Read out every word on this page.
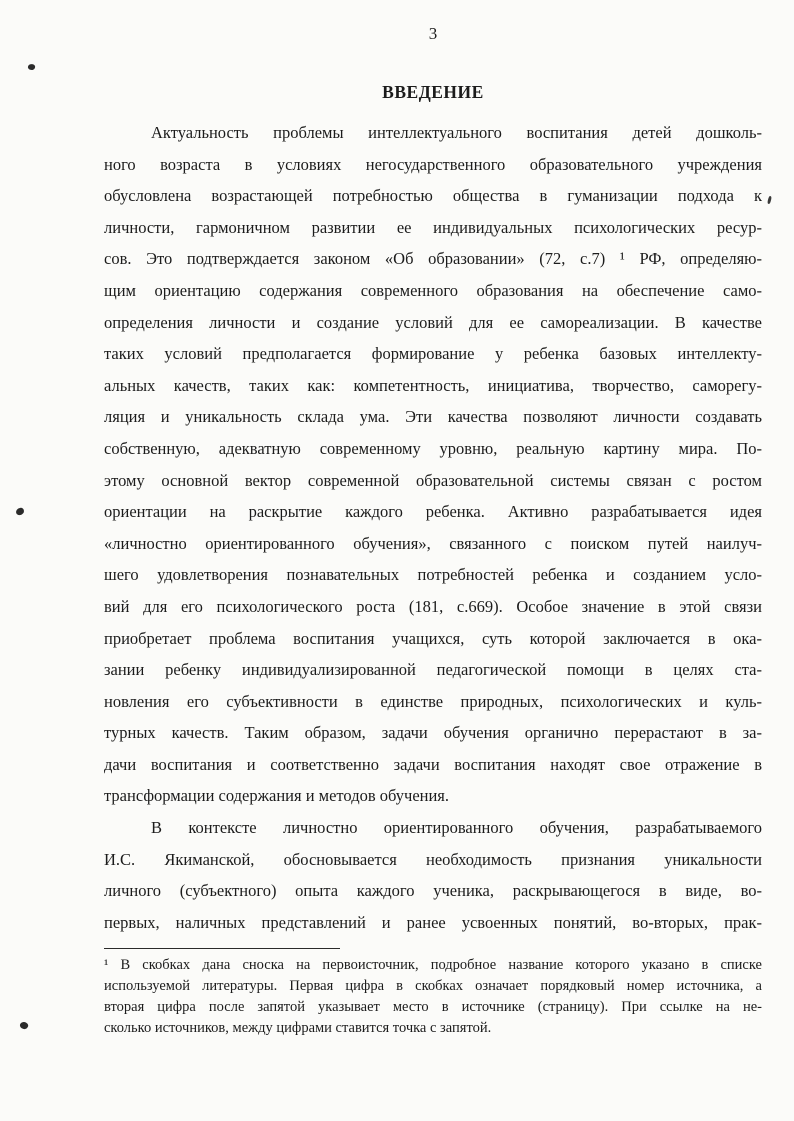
3
ВВЕДЕНИЕ
Актуальность проблемы интеллектуального воспитания детей дошколь-
ного возраста в условиях негосударственного образовательного учреждения
обусловлена возрастающей потребностью общества в гуманизации подхода к
личности, гармоничном развитии ее индивидуальных психологических ресур-
сов. Это подтверждается законом «Об образовании» (72, с.7) ¹ РФ, определяю-
щим ориентацию содержания современного образования на обеспечение само-
определения личности и создание условий для ее самореализации. В качестве
таких условий предполагается формирование у ребенка базовых интеллекту-
альных качеств, таких как: компетентность, инициатива, творчество, саморегу-
ляция и уникальность склада ума. Эти качества позволяют личности создавать
собственную, адекватную современному уровню, реальную картину мира. По-
этому основной вектор современной образовательной системы связан с ростом
ориентации на раскрытие каждого ребенка. Активно разрабатывается идея
«личностно ориентированного обучения», связанного с поиском путей наилуч-
шего удовлетворения познавательных потребностей ребенка и созданием усло-
вий для его психологического роста (181, с.669). Особое значение в этой связи
приобретает проблема воспитания учащихся, суть которой заключается в ока-
зании ребенку индивидуализированной педагогической помощи в целях ста-
новления его субъективности в единстве природных, психологических и куль-
турных качеств. Таким образом, задачи обучения органично перерастают в за-
дачи воспитания и соответственно задачи воспитания находят свое отражение в
трансформации содержания и методов обучения.
В контексте личностно ориентированного обучения, разрабатываемого
И.С. Якиманской, обосновывается необходимость признания уникальности
личного (субъектного) опыта каждого ученика, раскрывающегося в виде, во-
первых, наличных представлений и ранее усвоенных понятий, во-вторых, прак-
¹ В скобках дана сноска на первоисточник, подробное название которого указано в списке
используемой литературы. Первая цифра в скобках означает порядковый номер источника, а
вторая цифра после запятой указывает место в источнике (страницу). При ссылке на не-
сколько источников, между цифрами ставится точка с запятой.
